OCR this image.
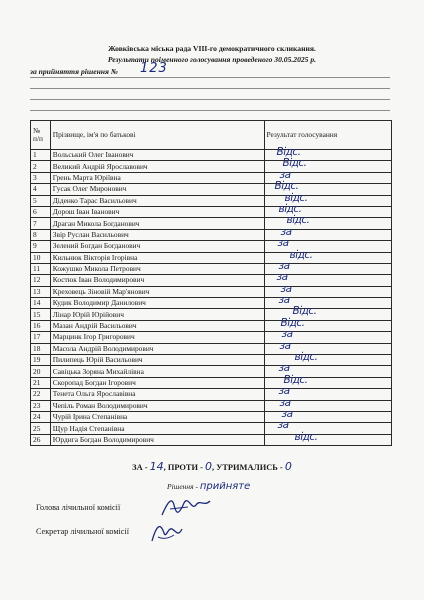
Жовківська міська рада VIII-го демократичного скликання.
Результати поіменного голосування проведеного 30.05.2025 р.
за прийняття рішення № 123
№ п/п	Прізвище, ім'я по батькові	Результат голосування
1	Вольський Олег Іванович	Відс.

2	Великий Андрій Ярославович	Відс.

3	Грень Марта Юріївна	за

4	Гусак Олег Миронович	Відс.

5	Діденко Тарас Васильович	відс.

6	Дорош Іван Іванович	відс.

7	Драган Микола Богданович	відс.

8	Звір Руслан Васильович	за

9	Зелений Богдан Богданович	за

10	Кильнюк Вікторія Ігорівна	відс.

11	Кожушко Микола Петрович	за

12	Костюк Іван Володимирович	за

13	Креховець Зіновій Мар'янович	за

14	Кудик Володимир Данилович	за

15	Лінар Юрій Юрійович	Відс.

16	Мазан Андрій Васильович	Відс.

17	Марцинк Ігор Григорович	за

18	Масола Андрій Володимирович	за

19	Пилипець Юрій Васильович	відс.

20	Савіцька Зоряна Михайлівна	за

21	Скоропад Богдан Ігорович	Відс.

22	Тенета Ольга Ярославівна	за

23	Чепіль Роман Володимирович	за

24	Чурій Ірина Степанівна	за

25	Щур Надія Степанівна	за

26	Юрдига Богдан Володимирович	відс.
ЗА - 14, ПРОТИ - 0, УТРИМАЛИСЬ - 0
Рішення - прийняте
Голова лічильної комісії
Секретар лічильної комісії
